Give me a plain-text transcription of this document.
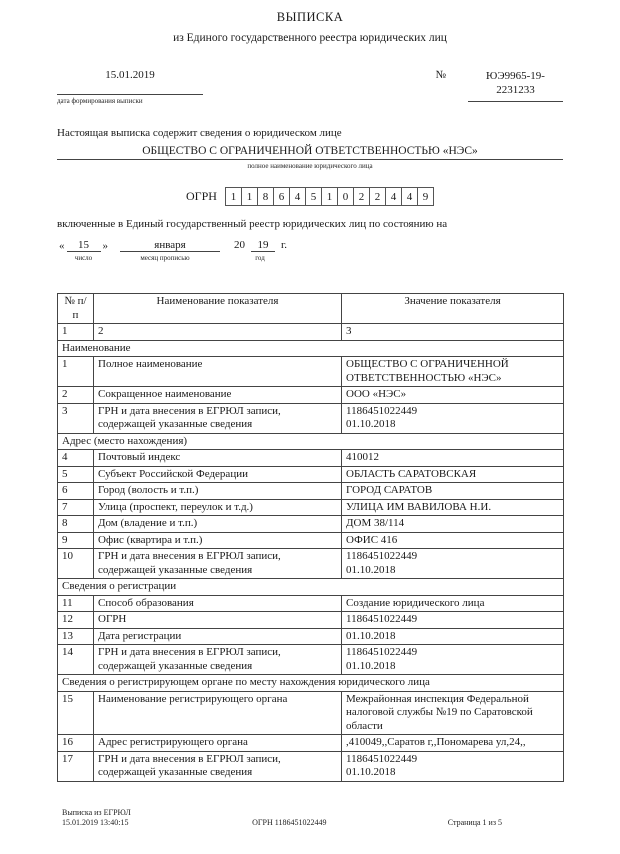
ВЫПИСКА
из Единого государственного реестра юридических лиц
15.01.2019
дата формирования выписки
№	ЮЭ9965-19-
2231233
Настоящая выписка содержит сведения о юридическом лице
ОБЩЕСТВО С ОГРАНИЧЕННОЙ ОТВЕТСТВЕННОСТЬЮ «НЭС»
полное наименование юридического лица
ОГРН	1 1 8 6 4 5 1 0 2 2 4 4 9
включенные в Единый государственный реестр юридических лиц по состоянию на
«	15	»
число
января
месяц прописью
20	19
год
г.
№ п/п	Наименование показателя	Значение показателя
1	2	3
Наименование		
1	Полное наименование	ОБЩЕСТВО С ОГРАНИЧЕННОЙ ОТВЕТСТВЕННОСТЬЮ «НЭС»

2	Сокращенное наименование	ООО «НЭС»

3	ГРН и дата внесения в ЕГРЮЛ записи, содержащей указанные сведения	1186451022449
01.10.2018

Адрес (место нахождения)		
4	Почтовый индекс	410012

5	Субъект Российской Федерации	ОБЛАСТЬ САРАТОВСКАЯ

6	Город (волость и т.п.)	ГОРОД САРАТОВ

7	Улица (проспект, переулок и т.д.)	УЛИЦА ИМ ВАВИЛОВА Н.И.

8	Дом (владение и т.п.)	ДОМ 38/114

9	Офис (квартира и т.п.)	ОФИС 416

10	ГРН и дата внесения в ЕГРЮЛ записи, содержащей указанные сведения	1186451022449
01.10.2018

Сведения о регистрации		
11	Способ образования	Создание юридического лица

12	ОГРН	1186451022449

13	Дата регистрации	01.10.2018

14	ГРН и дата внесения в ЕГРЮЛ записи, содержащей указанные сведения	1186451022449
01.10.2018

Сведения о регистрирующем органе по месту нахождения юридического лица		
15	Наименование регистрирующего органа	Межрайонная инспекция Федеральной налоговой службы №19 по Саратовской области

16	Адрес регистрирующего органа	,410049,,Саратов г,,Пономарева ул,24,,

17	ГРН и дата внесения в ЕГРЮЛ записи, содержащей указанные сведения	1186451022449
01.10.2018
Выписка из ЕГРЮЛ
15.01.2019 13:40:15	ОГРН 1186451022449	Страница 1 из 5
